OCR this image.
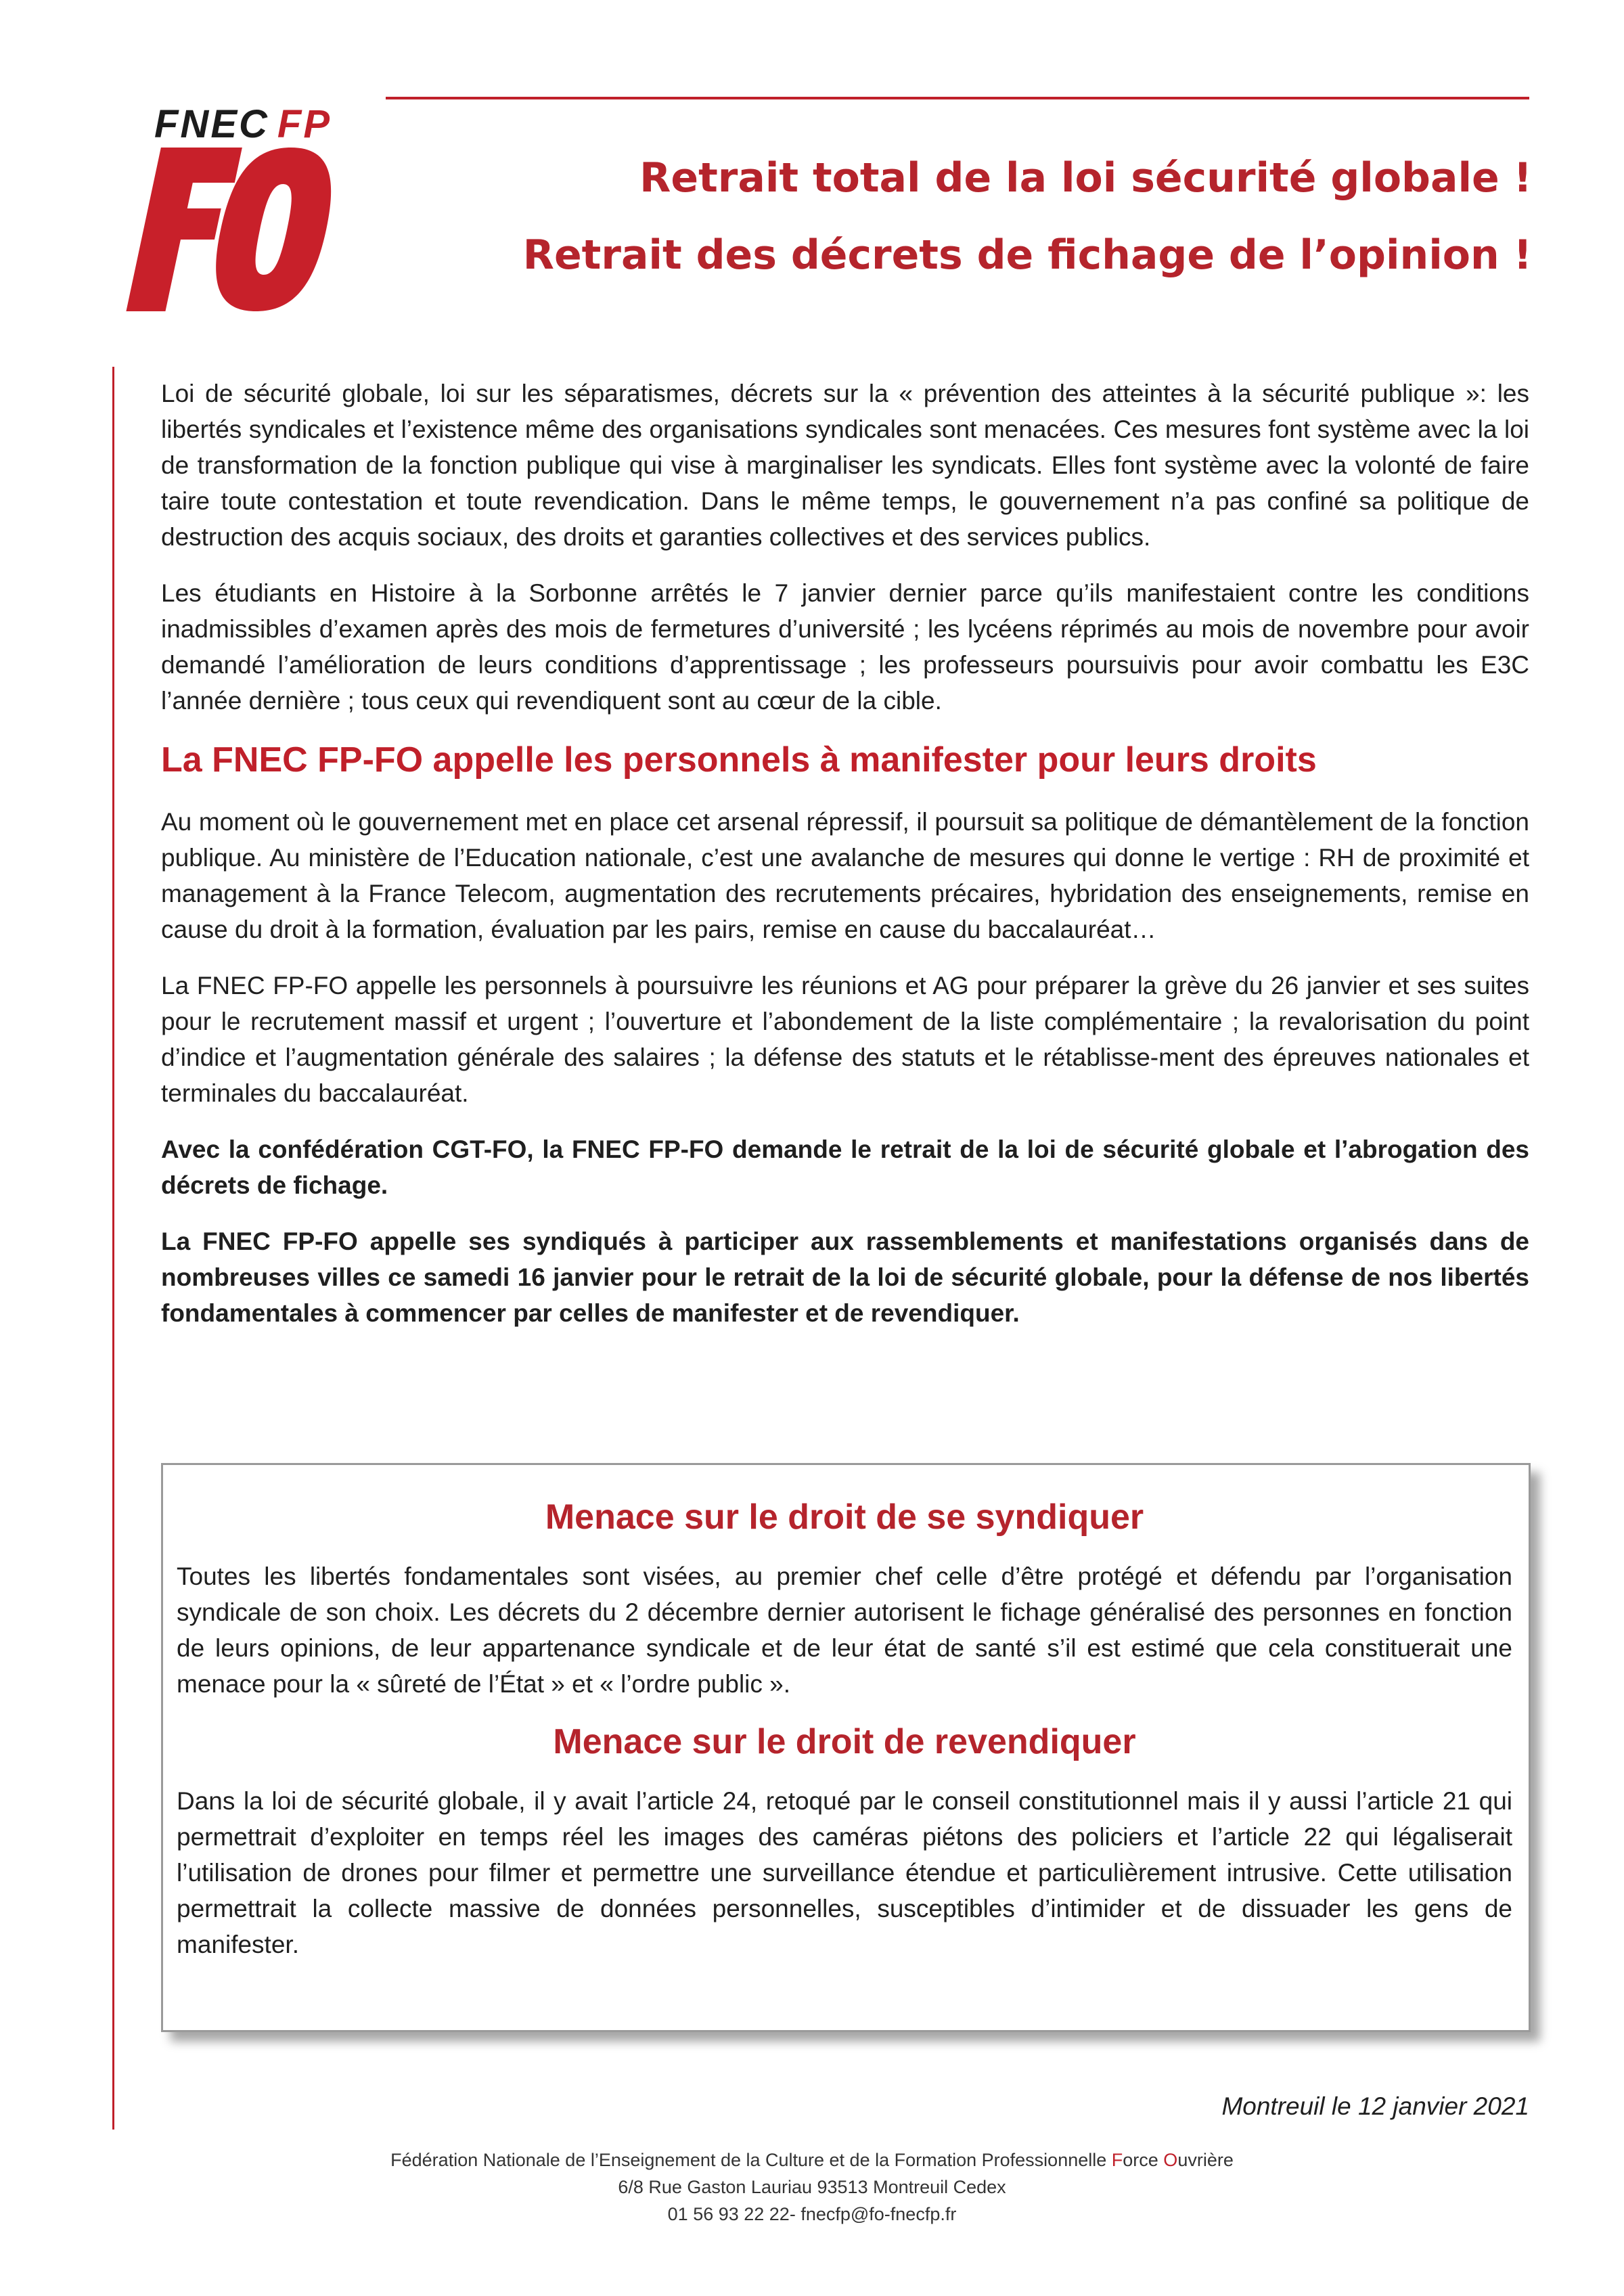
FNEC FP
Retrait total de la loi sécurité globale !
Retrait des décrets de fichage de l’opinion !

Loi de sécurité globale, loi sur les séparatismes, décrets sur la « prévention des atteintes à la sécurité publique »: les libertés syndicales et l’existence même des organisations syndicales sont menacées. Ces mesures font système avec la loi de transformation de la fonction publique qui vise à marginaliser les syndicats. Elles font système avec la volonté de faire taire toute contestation et toute revendication. Dans le même temps, le gouvernement n’a pas confiné sa politique de destruction des acquis sociaux, des droits et garanties collectives et des services publics.

Les étudiants en Histoire à la Sorbonne arrêtés le 7 janvier dernier parce qu’ils manifestaient contre les conditions inadmissibles d’examen après des mois de fermetures d’université ; les lycéens réprimés au mois de novembre pour avoir demandé l’amélioration de leurs conditions d’apprentissage ; les professeurs poursuivis pour avoir combattu les E3C l’année dernière ; tous ceux qui revendiquent sont au cœur de la cible.

La FNEC FP-FO appelle les personnels à manifester pour leurs droits

Au moment où le gouvernement met en place cet arsenal répressif, il poursuit sa politique de démantèlement de la fonction publique. Au ministère de l’Education nationale, c’est une avalanche de mesures qui donne le vertige : RH de proximité et management à la France Telecom, augmentation des recrutements précaires, hybridation des enseignements, remise en cause du droit à la formation, évaluation par les pairs, remise en cause du baccalauréat…

La FNEC FP-FO appelle les personnels à poursuivre les réunions et AG pour préparer la grève du 26 janvier et ses suites pour le recrutement massif et urgent ; l’ouverture et l’abondement de la liste complémentaire ; la revalorisation du point d’indice et l’augmentation générale des salaires ; la défense des statuts et le rétablisse-ment des épreuves nationales et terminales du baccalauréat.

Avec la confédération CGT-FO, la FNEC FP-FO demande le retrait de la loi de sécurité globale et l’abrogation des décrets de fichage.

La FNEC FP-FO appelle ses syndiqués à participer aux rassemblements et manifestations organisés dans de nombreuses villes ce samedi 16 janvier pour le retrait de la loi de sécurité globale, pour la défense de nos libertés fondamentales à commencer par celles de manifester et de revendiquer.

Menace sur le droit de se syndiquer

Toutes les libertés fondamentales sont visées, au premier chef celle d’être protégé et défendu par l’organisation syndicale de son choix. Les décrets du 2 décembre dernier autorisent le fichage généralisé des personnes en fonction de leurs opinions, de leur appartenance syndicale et de leur état de santé s’il est estimé que cela constituerait une menace pour la « sûreté de l’État » et « l’ordre public ».

Menace sur le droit de revendiquer

Dans la loi de sécurité globale, il y avait l’article 24, retoqué par le conseil constitutionnel mais il y aussi l’article 21 qui permettrait d’exploiter en temps réel les images des caméras piétons des policiers et l’article 22 qui légaliserait l’utilisation de drones pour filmer et permettre une surveillance étendue et particulièrement intrusive. Cette utilisation permettrait la collecte massive de données personnelles, susceptibles d’intimider et de dissuader les gens de manifester.

Montreuil le 12 janvier 2021
Fédération Nationale de l’Enseignement de la Culture et de la Formation Professionnelle Force Ouvrière
6/8 Rue Gaston Lauriau 93513 Montreuil Cedex
01 56 93 22 22- fnecfp@fo-fnecfp.fr
